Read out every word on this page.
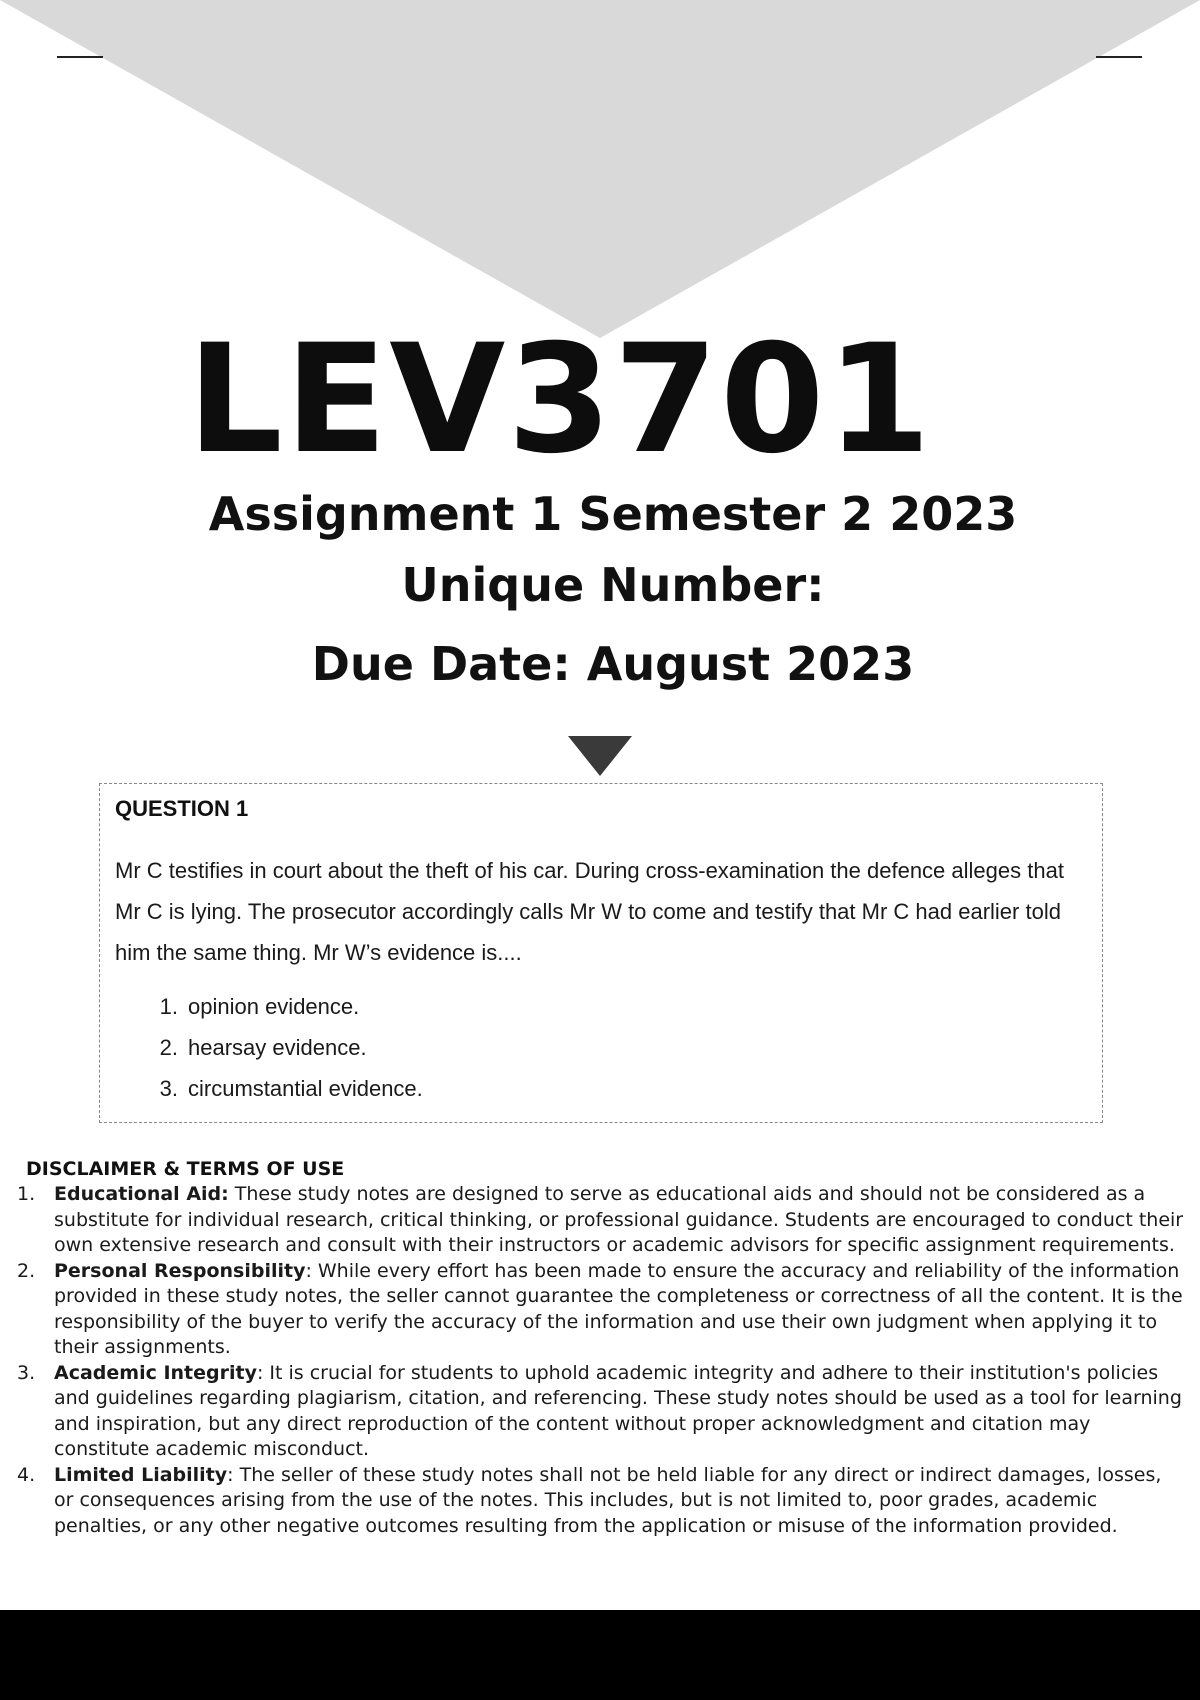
LEV3701
Assignment 1 Semester 2 2023
Unique Number:
Due Date: August 2023
QUESTION 1

Mr C testifies in court about the theft of his car. During cross-examination the defence alleges that Mr C is lying. The prosecutor accordingly calls Mr W to come and testify that Mr C had earlier told him the same thing. Mr W’s evidence is....

1. opinion evidence.
2. hearsay evidence.
3. circumstantial evidence.
DISCLAIMER & TERMS OF USE
1. Educational Aid: These study notes are designed to serve as educational aids and should not be considered as a substitute for individual research, critical thinking, or professional guidance. Students are encouraged to conduct their own extensive research and consult with their instructors or academic advisors for specific assignment requirements.
2. Personal Responsibility: While every effort has been made to ensure the accuracy and reliability of the information provided in these study notes, the seller cannot guarantee the completeness or correctness of all the content. It is the responsibility of the buyer to verify the accuracy of the information and use their own judgment when applying it to their assignments.
3. Academic Integrity: It is crucial for students to uphold academic integrity and adhere to their institution's policies and guidelines regarding plagiarism, citation, and referencing. These study notes should be used as a tool for learning and inspiration, but any direct reproduction of the content without proper acknowledgment and citation may constitute academic misconduct.
4. Limited Liability: The seller of these study notes shall not be held liable for any direct or indirect damages, losses, or consequences arising from the use of the notes. This includes, but is not limited to, poor grades, academic penalties, or any other negative outcomes resulting from the application or misuse of the information provided.
